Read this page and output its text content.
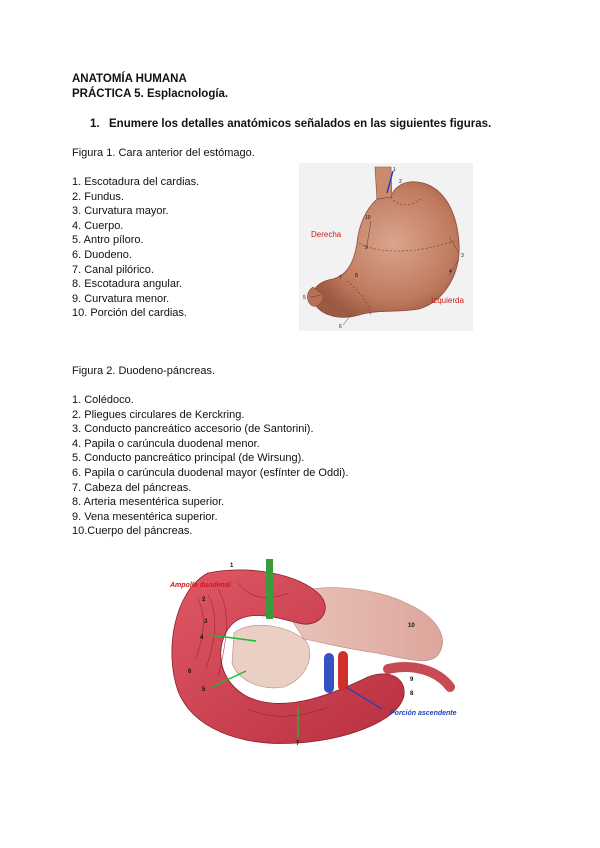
ANATOMÍA HUMANA
PRÁCTICA 5. Esplacnología.
1. Enumere los detalles anatómicos señalados en las siguientes figuras.
Figura 1. Cara anterior del estómago.
1. Escotadura del cardias.
2. Fundus.
3. Curvatura mayor.
4. Cuerpo.
5. Antro píloro.
6. Duodeno.
7. Canal pilórico.
8. Escotadura angular.
9. Curvatura menor.
10. Porción del cardias.
Derecha
Izquierda
1
2
3
4
5
6
7	8
9
10
Figura 2. Duodeno-páncreas.
1. Colédoco.
2. Pliegues circulares de Kerckring.
3. Conducto pancreático accesorio (de Santorini).
4. Papila o carúncula duodenal menor.
5. Conducto pancreático principal (de Wirsung).
6. Papila o carúncula duodenal mayor (esfínter de Oddi).
7. Cabeza del páncreas.
8. Arteria mesentérica superior.
9. Vena mesentérica superior.
10.Cuerpo del páncreas.
Ampolla duodenal
Porción ascendente
1
2
3
4
5
6
7
8
9
10
